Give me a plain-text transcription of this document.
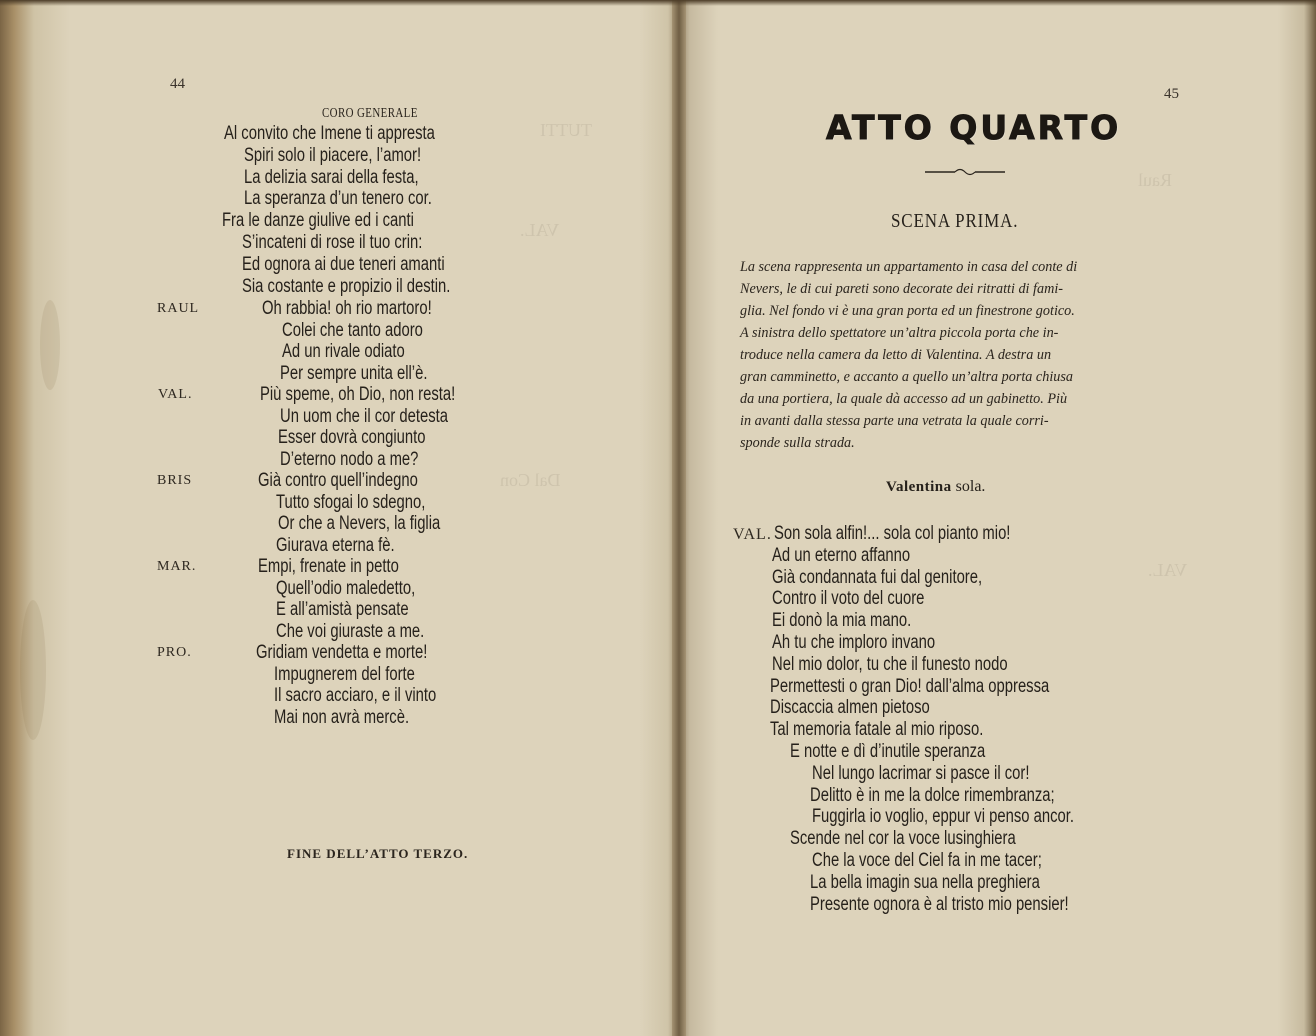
TUTTI
VAL.
Dal Con
44
CORO GENERALE
Al convito che Imene ti appresta
Spiri solo il piacere, l’amor!
La delizia sarai della festa,
La speranza d’un tenero cor.
Fra le danze giulive ed i canti
S’incateni di rose il tuo crin:
Ed ognora ai due teneri amanti
Sia costante e propizio il destin.
RAUL	Oh rabbia! oh rio martoro!
Colei che tanto adoro
Ad un rivale odiato
Per sempre unita ell’è.
VAL.	Più speme, oh Dio, non resta!
Un uom che il cor detesta
Esser dovrà congiunto
D’eterno nodo a me?
BRIS	Già contro quell’indegno
Tutto sfogai lo sdegno,
Or che a Nevers, la figlia
Giurava eterna fè.
MAR.	Empi, frenate in petto
Quell’odio maledetto,
E all’amistà pensate
Che voi giuraste a me.
PRO.	Gridiam vendetta e morte!
Impugnerem del forte
Il sacro acciaro, e il vinto
Mai non avrà mercè.
FINE DELL’ATTO TERZO.
Raul
VAL.
45
ATTO QUARTO
SCENA PRIMA.
La scena rappresenta un appartamento in casa del conte di
Nevers, le di cui pareti sono decorate dei ritratti di fami-
glia. Nel fondo vi è una gran porta ed un finestrone gotico.
A sinistra dello spettatore un’altra piccola porta che in-
troduce nella camera da letto di Valentina. A destra un
gran camminetto, e accanto a quello un’altra porta chiusa
da una portiera, la quale dà accesso ad un gabinetto. Più
in avanti dalla stessa parte una vetrata la quale corri-
sponde sulla strada.
Valentina sola.
VAL. Son sola alfin!... sola col pianto mio!
Ad un eterno affanno
Già condannata fui dal genitore,
Contro il voto del cuore
Ei donò la mia mano.
Ah tu che imploro invano
Nel mio dolor, tu che il funesto nodo
Permettesti o gran Dio! dall’alma oppressa
Discaccia almen pietoso
Tal memoria fatale al mio riposo.
E notte e dì d’inutile speranza
Nel lungo lacrimar si pasce il cor!
Delitto è in me la dolce rimembranza;
Fuggirla io voglio, eppur vi penso ancor.
Scende nel cor la voce lusinghiera
Che la voce del Ciel fa in me tacer;
La bella imagin sua nella preghiera
Presente ognora è al tristo mio pensier!
